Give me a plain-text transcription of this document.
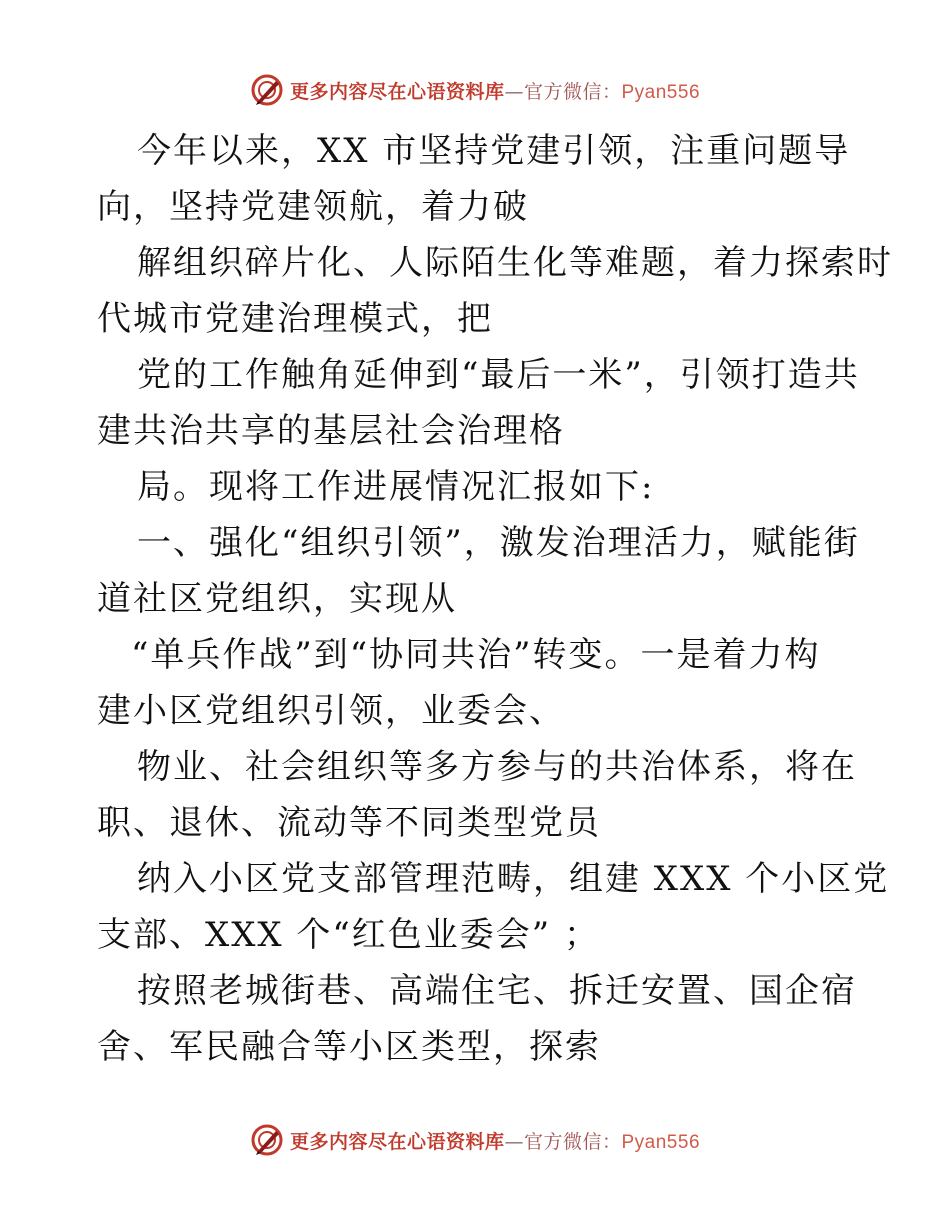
更多内容尽在心语资料库—官方微信：Pyan556
今年以来，XX 市坚持党建引领，注重问题导
向，坚持党建领航，着力破
解组织碎片化、人际陌生化等难题，着力探索时
代城市党建治理模式，把
党的工作触角延伸到“最后一米”，引领打造共
建共治共享的基层社会治理格
局。现将工作进展情况汇报如下:
一、强化“组织引领”，激发治理活力，赋能街
道社区党组织，实现从
“单兵作战”到“协同共治”转变。一是着力构
建小区党组织引领，业委会、
物业、社会组织等多方参与的共治体系，将在
职、退休、流动等不同类型党员
纳入小区党支部管理范畴，组建 XXX 个小区党
支部、XXX 个“红色业委会” ；
按照老城街巷、高端住宅、拆迁安置、国企宿
舍、军民融合等小区类型，探索
更多内容尽在心语资料库—官方微信：Pyan556
